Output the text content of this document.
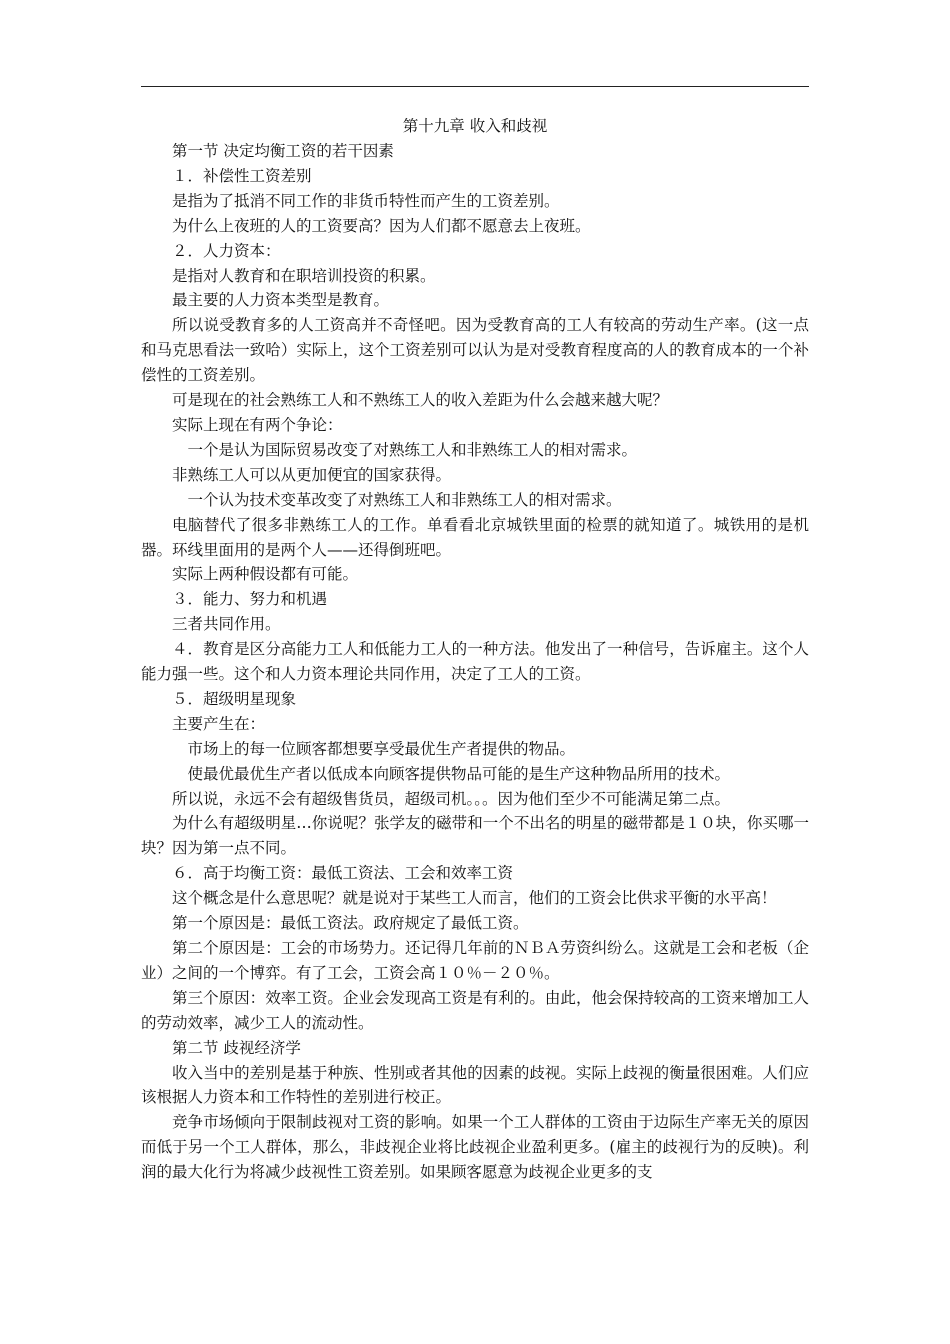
第十九章 收入和歧视

第一节 决定均衡工资的若干因素

１．补偿性工资差别

是指为了抵消不同工作的非货币特性而产生的工资差别。

为什么上夜班的人的工资要高？因为人们都不愿意去上夜班。

２．人力资本：

是指对人教育和在职培训投资的积累。

最主要的人力资本类型是教育。

所以说受教育多的人工资高并不奇怪吧。因为受教育高的工人有较高的劳动生产率。(这一点和马克思看法一致哈）实际上，这个工资差别可以认为是对受教育程度高的人的教育成本的一个补偿性的工资差别。

可是现在的社会熟练工人和不熟练工人的收入差距为什么会越来越大呢？

实际上现在有两个争论：

一个是认为国际贸易改变了对熟练工人和非熟练工人的相对需求。

非熟练工人可以从更加便宜的国家获得。

一个认为技术变革改变了对熟练工人和非熟练工人的相对需求。

电脑替代了很多非熟练工人的工作。单看看北京城铁里面的检票的就知道了。城铁用的是机器。环线里面用的是两个人——还得倒班吧。

实际上两种假设都有可能。

３．能力、努力和机遇

三者共同作用。

４．教育是区分高能力工人和低能力工人的一种方法。他发出了一种信号，告诉雇主。这个人能力强一些。这个和人力资本理论共同作用，决定了工人的工资。

５．超级明星现象

主要产生在：

市场上的每一位顾客都想要享受最优生产者提供的物品。

使最优最优生产者以低成本向顾客提供物品可能的是生产这种物品所用的技术。

所以说，永远不会有超级售货员，超级司机。。。因为他们至少不可能满足第二点。

为什么有超级明星…你说呢？张学友的磁带和一个不出名的明星的磁带都是１０块，你买哪一块？因为第一点不同。

６．高于均衡工资：最低工资法、工会和效率工资

这个概念是什么意思呢？就是说对于某些工人而言，他们的工资会比供求平衡的水平高！

第一个原因是：最低工资法。政府规定了最低工资。

第二个原因是：工会的市场势力。还记得几年前的ＮＢＡ劳资纠纷么。这就是工会和老板（企业）之间的一个博弈。有了工会，工资会高１０％－２０％。

第三个原因：效率工资。企业会发现高工资是有利的。由此，他会保持较高的工资来增加工人的劳动效率，减少工人的流动性。

第二节 歧视经济学

收入当中的差别是基于种族、性别或者其他的因素的歧视。实际上歧视的衡量很困难。人们应该根据人力资本和工作特性的差别进行校正。

竞争市场倾向于限制歧视对工资的影响。如果一个工人群体的工资由于边际生产率无关的原因而低于另一个工人群体，那么，非歧视企业将比歧视企业盈利更多。(雇主的歧视行为的反映)。利润的最大化行为将减少歧视性工资差别。如果顾客愿意为歧视企业更多的支
